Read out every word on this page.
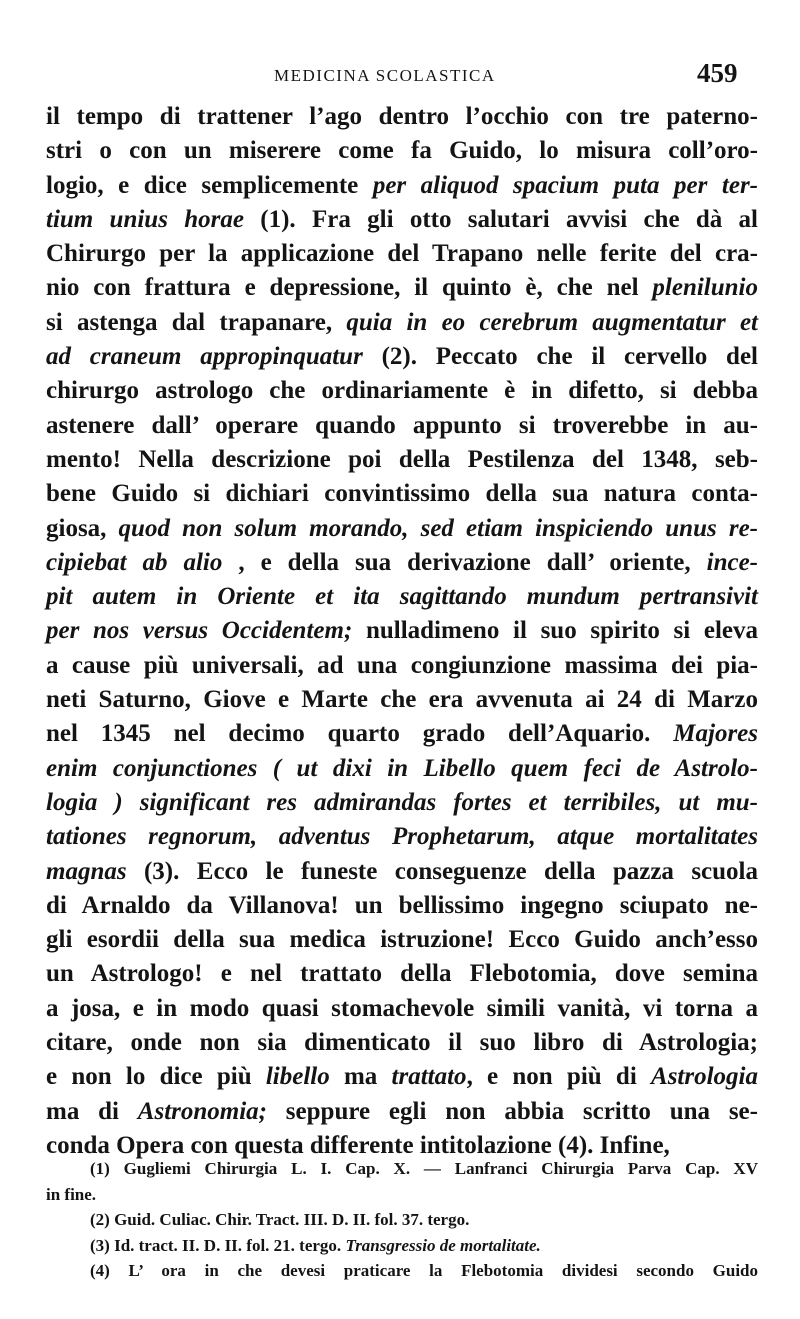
MEDICINA SCOLASTICA	459
il tempo di trattener l’ago dentro l’occhio con tre paterno-
stri o con un miserere come fa Guido, lo misura coll’oro-
logio, e dice semplicemente per aliquod spacium puta per ter-
tium unius horae (1). Fra gli otto salutari avvisi che dà al
Chirurgo per la applicazione del Trapano nelle ferite del cra-
nio con frattura e depressione, il quinto è, che nel plenilunio
si astenga dal trapanare, quia in eo cerebrum augmentatur et
ad craneum appropinquatur (2). Peccato che il cervello del
chirurgo astrologo che ordinariamente è in difetto, si debba
astenere dall’ operare quando appunto si troverebbe in au-
mento! Nella descrizione poi della Pestilenza del 1348, seb-
bene Guido si dichiari convintissimo della sua natura conta-
giosa, quod non solum morando, sed etiam inspiciendo unus re-
cipiebat ab alio , e della sua derivazione dall’ oriente, ince-
pit autem in Oriente et ita sagittando mundum pertransivit
per nos versus Occidentem; nulladimeno il suo spirito si eleva
a cause più universali, ad una congiunzione massima dei pia-
neti Saturno, Giove e Marte che era avvenuta ai 24 di Marzo
nel 1345 nel decimo quarto grado dell’Aquario. Majores
enim conjunctiones ( ut dixi in Libello quem feci de Astrolo-
logia ) significant res admirandas fortes et terribiles, ut mu-
tationes regnorum, adventus Prophetarum, atque mortalitates
magnas (3). Ecco le funeste conseguenze della pazza scuola
di Arnaldo da Villanova! un bellissimo ingegno sciupato ne-
gli esordii della sua medica istruzione! Ecco Guido anch’esso
un Astrologo! e nel trattato della Flebotomia, dove semina
a josa, e in modo quasi stomachevole simili vanità, vi torna a
citare, onde non sia dimenticato il suo libro di Astrologia;
e non lo dice più libello ma trattato, e non più di Astrologia
ma di Astronomia; seppure egli non abbia scritto una se-
conda Opera con questa differente intitolazione (4). Infine,
(1) Gugliemi Chirurgia L. I. Cap. X. — Lanfranci Chirurgia Parva Cap. XV
in fine.
(2) Guid. Culiac. Chir. Tract. III. D. II. fol. 37. tergo.
(3) Id. tract. II. D. II. fol. 21. tergo. Transgressio de mortalitate.
(4) L’ ora in che devesi praticare la Flebotomia dividesi secondo Guido
